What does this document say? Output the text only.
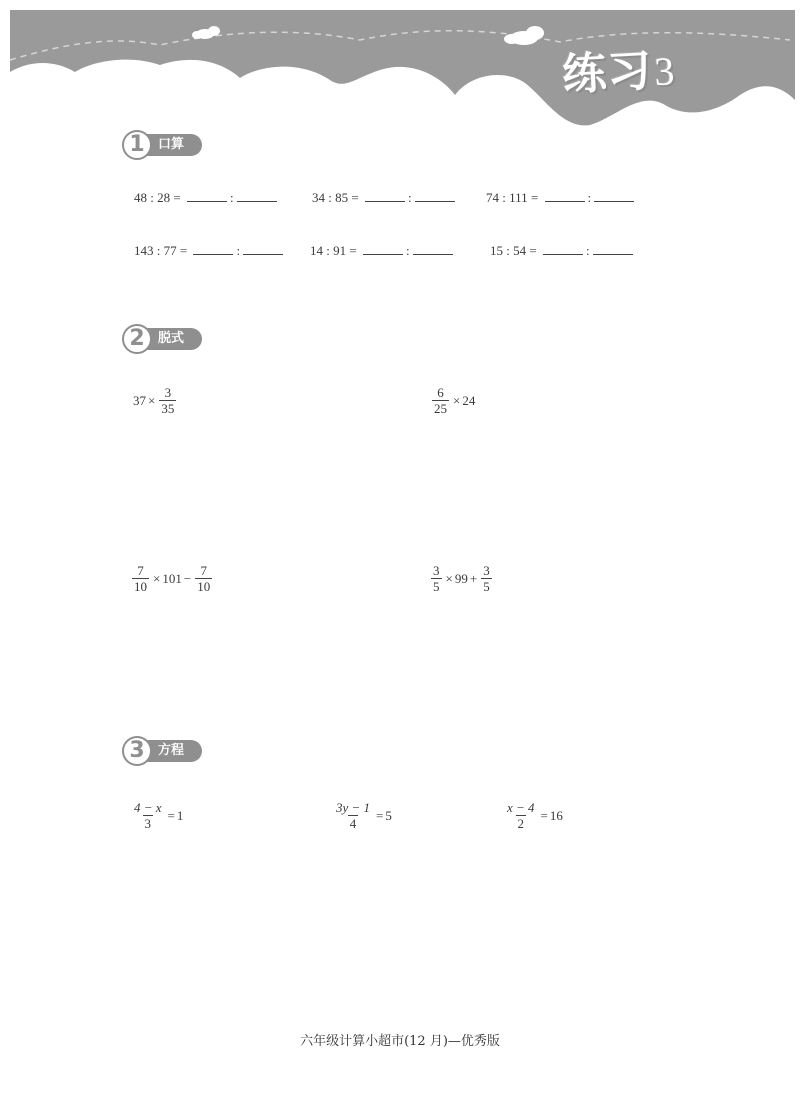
练习3
1	口算
48 : 28 =	:	34 : 85 =	:	74 : 111 =	:
143 : 77 =	:	14 : 91 =	:	15 : 54 =	:
2	脱式
$37 \times \frac{3}{35}$	$\frac{6}{25} \times 24$
$\frac{7}{10} \times 101 - \frac{7}{10}$	$\frac{3}{5} \times 99 + \frac{3}{5}$
3	方程
$\frac{4 - x}{3} = 1$	$\frac{3y - 1}{4} = 5$	$\frac{x - 4}{2} = 16$
六年级计算小超市(12 月)—优秀版
